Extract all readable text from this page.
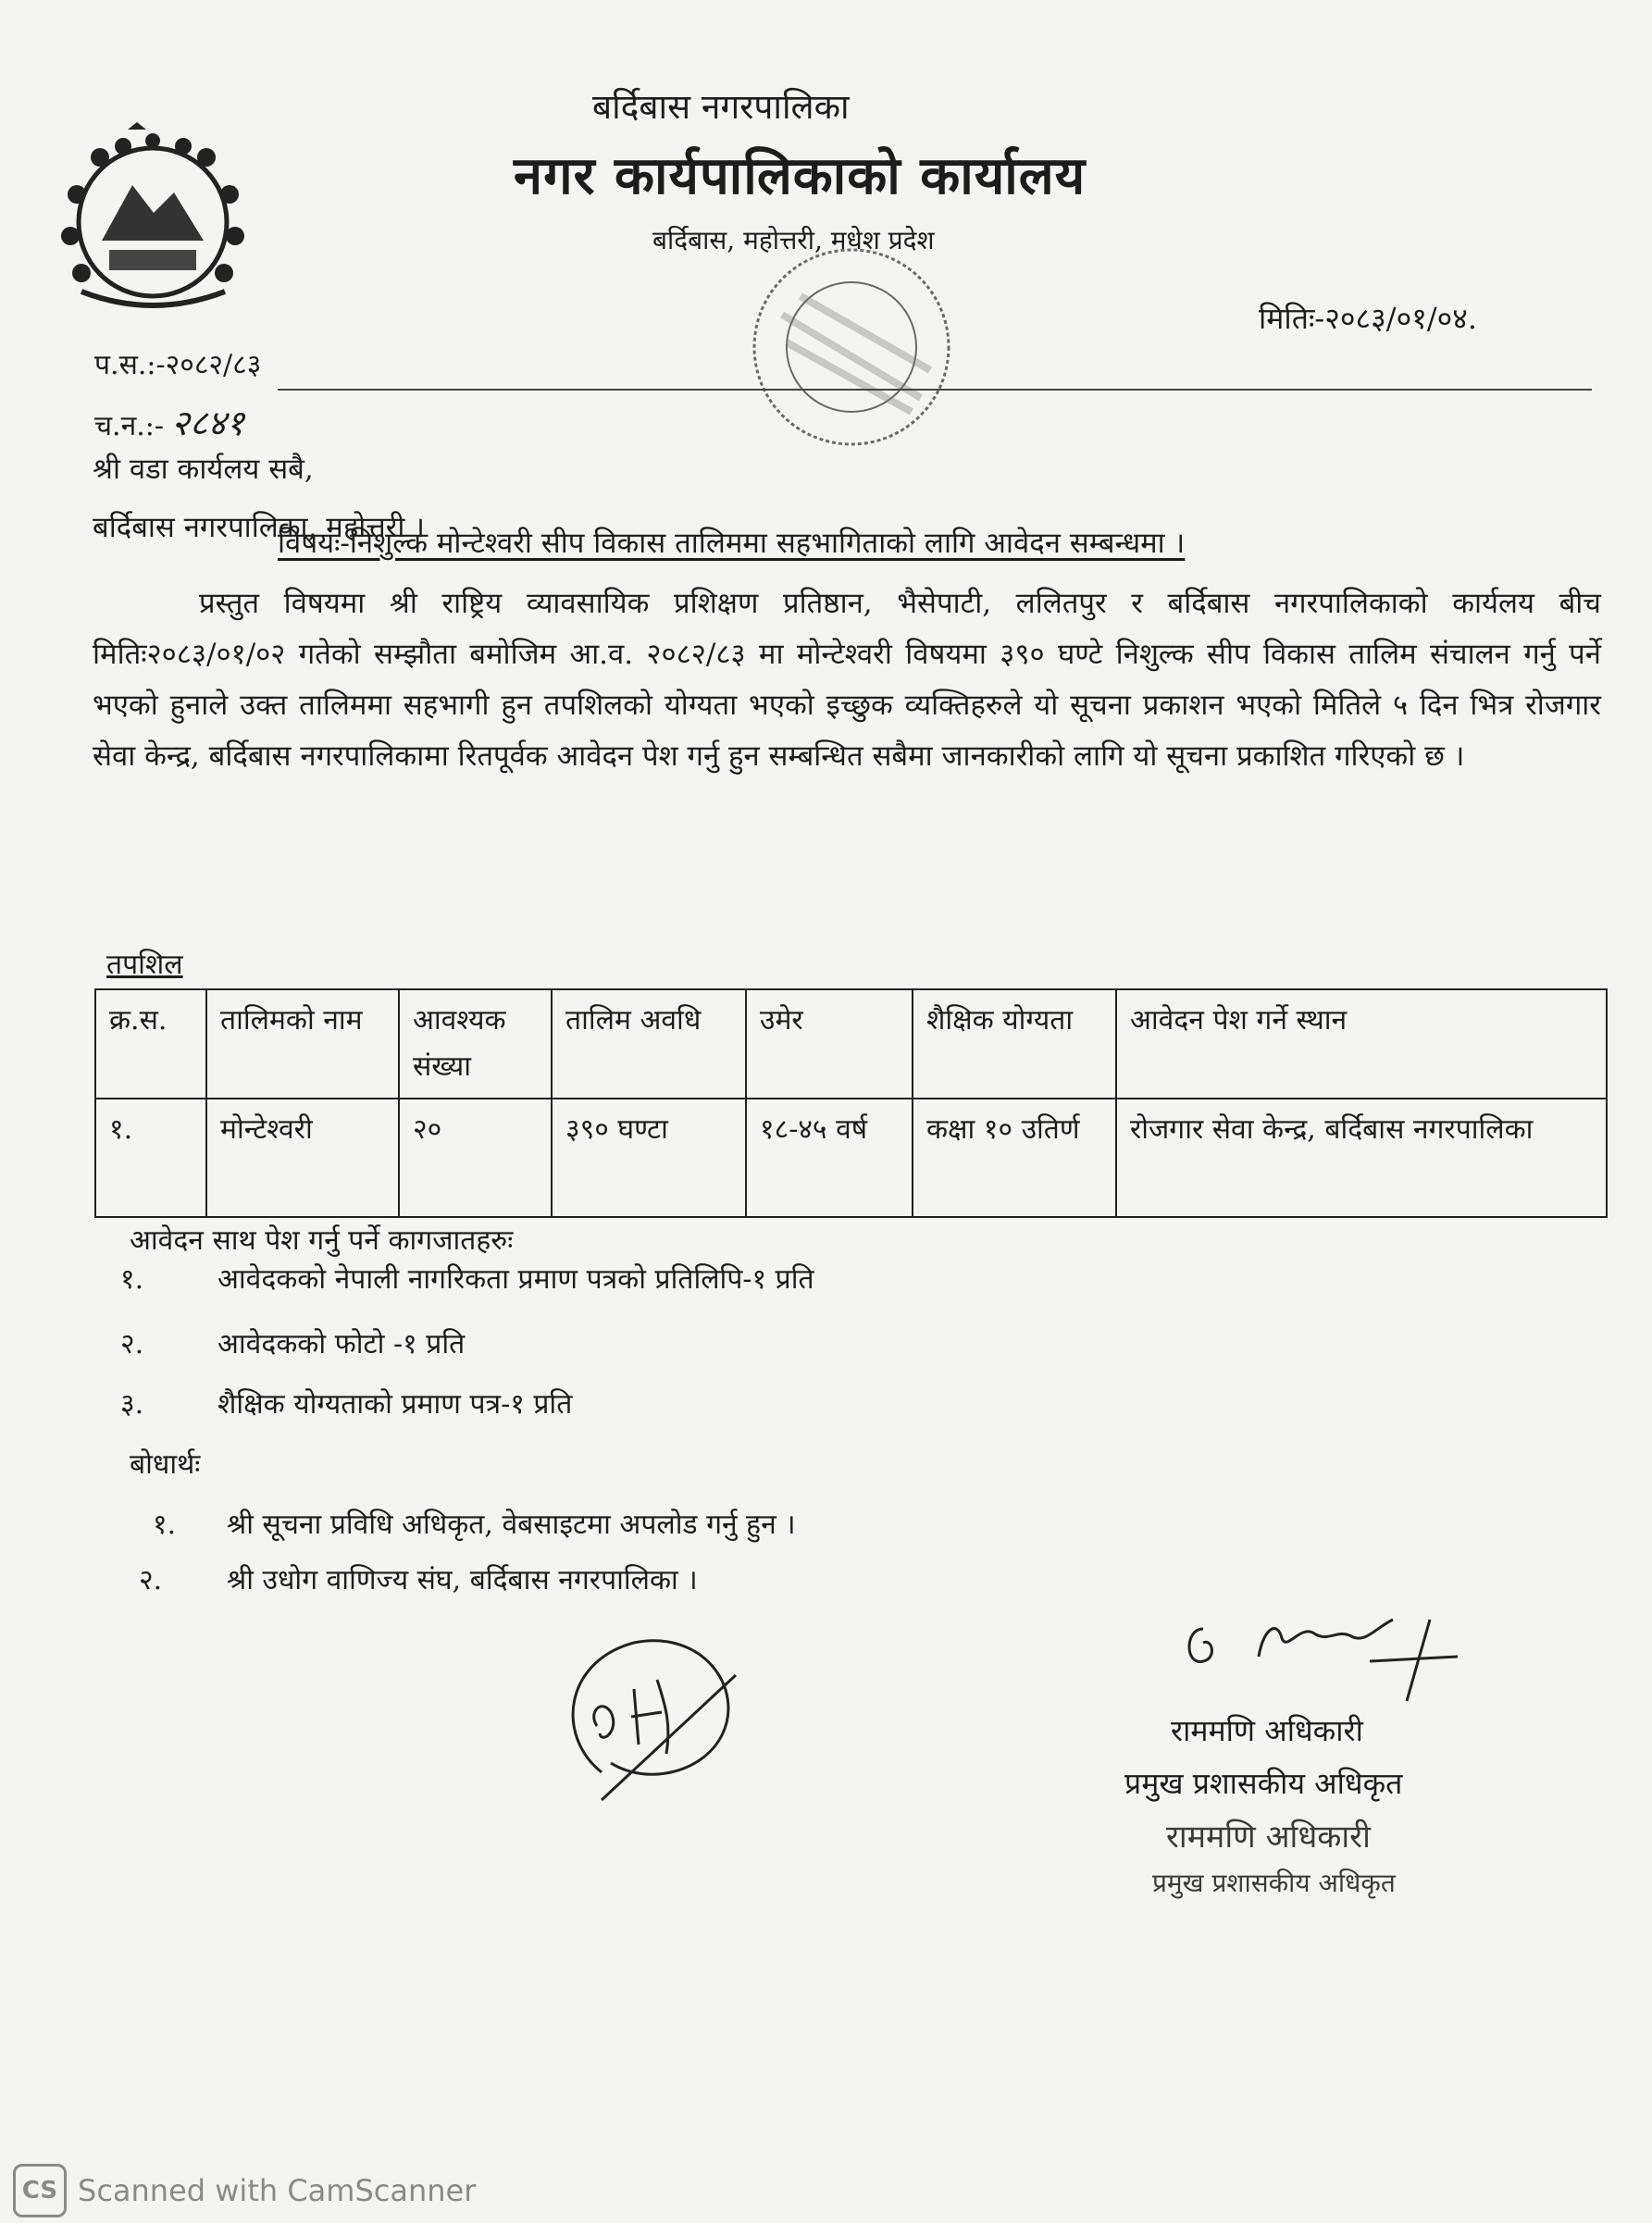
बर्दिबास नगरपालिका
नगर कार्यपालिकाको कार्यालय
बर्दिबास, महोत्तरी, मधेश प्रदेश
मितिः-२०८३/०१/०४.
प.स.:-२०८२/८३
च.न.:- २८४१
श्री वडा कार्यलय सबै,
बर्दिबास नगरपालिका, महोत्तरी ।
विषयः-निशुल्क मोन्टेश्वरी सीप विकास तालिममा सहभागिताको लागि आवेदन सम्बन्धमा ।
प्रस्तुत विषयमा श्री राष्ट्रिय व्यावसायिक प्रशिक्षण प्रतिष्ठान, भैसेपाटी, ललितपुर र बर्दिबास नगरपालिकाको कार्यलय बीच मितिः२०८३/०१/०२ गतेको सम्झौता बमोजिम आ.व. २०८२/८३ मा मोन्टेश्वरी विषयमा ३९० घण्टे निशुल्क सीप विकास तालिम संचालन गर्नु पर्ने भएको हुनाले उक्त तालिममा सहभागी हुन तपशिलको योग्यता भएको इच्छुक व्यक्तिहरुले यो सूचना प्रकाशन भएको मितिले ५ दिन भित्र रोजगार सेवा केन्द्र, बर्दिबास नगरपालिकामा रितपूर्वक आवेदन पेश गर्नु हुन सम्बन्धित सबैमा जानकारीको लागि यो सूचना प्रकाशित गरिएको छ ।
तपशिल
क्र.स.	तालिमको नाम	आवश्यक संख्या	तालिम अवधि	उमेर	शैक्षिक योग्यता	आवेदन पेश गर्ने स्थान
१.	मोन्टेश्वरी	२०	३९० घण्टा	१८-४५ वर्ष	कक्षा १० उतिर्ण	रोजगार सेवा केन्द्र, बर्दिबास नगरपालिका
आवेदन साथ पेश गर्नु पर्ने कागजातहरुः
१.	आवेदकको नेपाली नागरिकता प्रमाण पत्रको प्रतिलिपि-१ प्रति
२.	आवेदकको फोटो -१ प्रति
३.	शैक्षिक योग्यताको प्रमाण पत्र-१ प्रति
बोधार्थः
१. श्री सूचना प्रविधि अधिकृत, वेबसाइटमा अपलोड गर्नु हुन ।
२. श्री उधोग वाणिज्य संघ, बर्दिबास नगरपालिका ।
राममणि अधिकारी
प्रमुख प्रशासकीय अधिकृत
राममणि अधिकारी
प्रमुख प्रशासकीय अधिकृत
CS Scanned with CamScanner
